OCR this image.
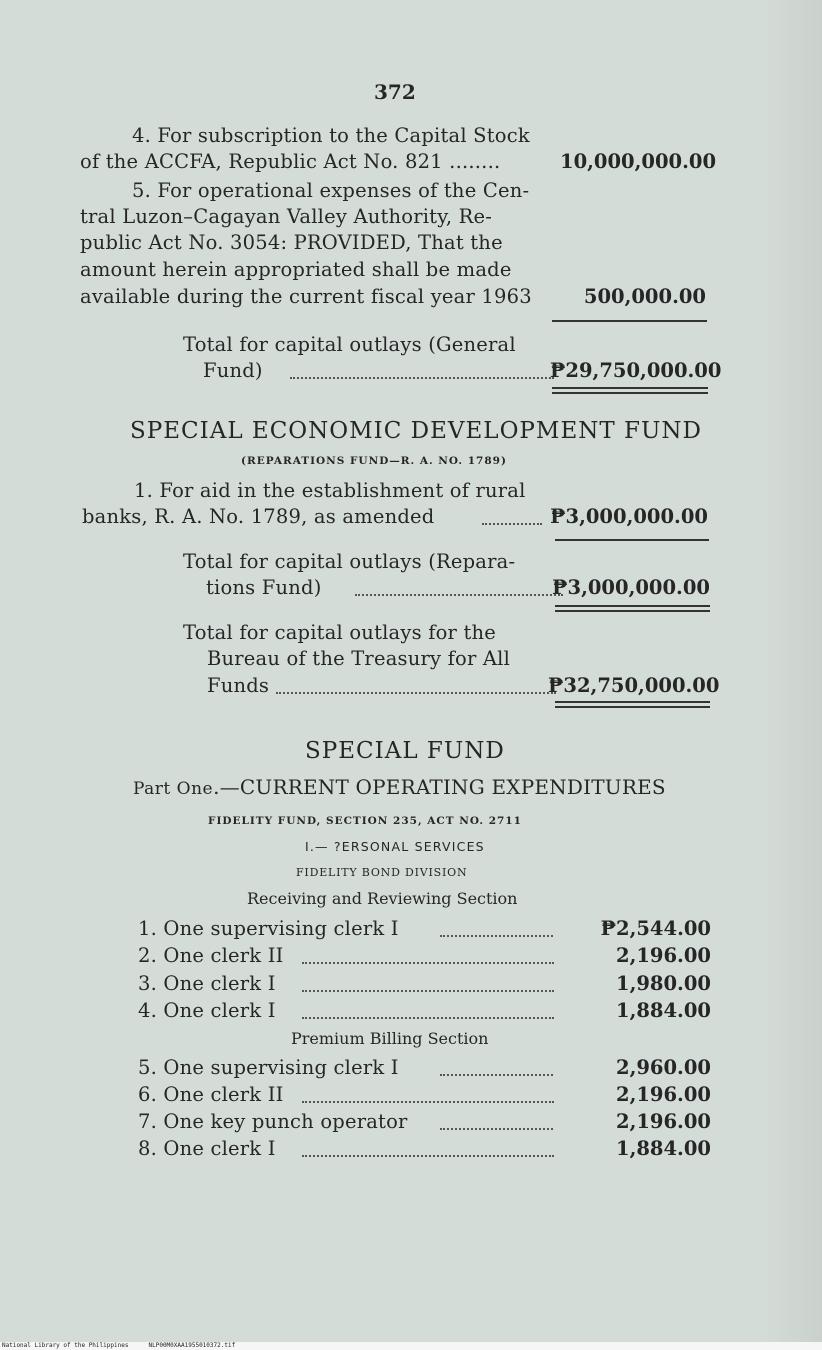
372
4. For subscription to the Capital Stock
of the ACCFA, Republic Act No. 821 ........	10,000,000.00
5. For operational expenses of the Cen-
tral Luzon–Cagayan Valley Authority, Re-
public Act No. 3054: PROVIDED, That the
amount herein appropriated shall be made
available during the current fiscal year 1963	500,000.00
Total for capital outlays (General
Fund)	₱29,750,000.00
SPECIAL ECONOMIC DEVELOPMENT FUND
(REPARATIONS FUND—R. A. NO. 1789)
1. For aid in the establishment of rural
banks, R. A. No. 1789, as amended	₱3,000,000.00
Total for capital outlays (Repara-
tions Fund)	₱3,000,000.00
Total for capital outlays for the
Bureau of the Treasury for All
Funds	₱32,750,000.00
SPECIAL FUND
Part One.—CURRENT OPERATING EXPENDITURES
FIDELITY FUND, SECTION 235, ACT NO. 2711
I.— ?ERSONAL SERVICES
FIDELITY BOND DIVISION
Receiving and Reviewing Section
1. One supervising clerk I	₱2,544.00
2. One clerk II	2,196.00
3. One clerk I	1,980.00
4. One clerk I	1,884.00
Premium Billing Section
5. One supervising clerk I	2,960.00
6. One clerk II	2,196.00
7. One key punch operator	2,196.00
8. One clerk I	1,884.00
National Library of the Philippines	NLP00M0XAA1955010372.tif
